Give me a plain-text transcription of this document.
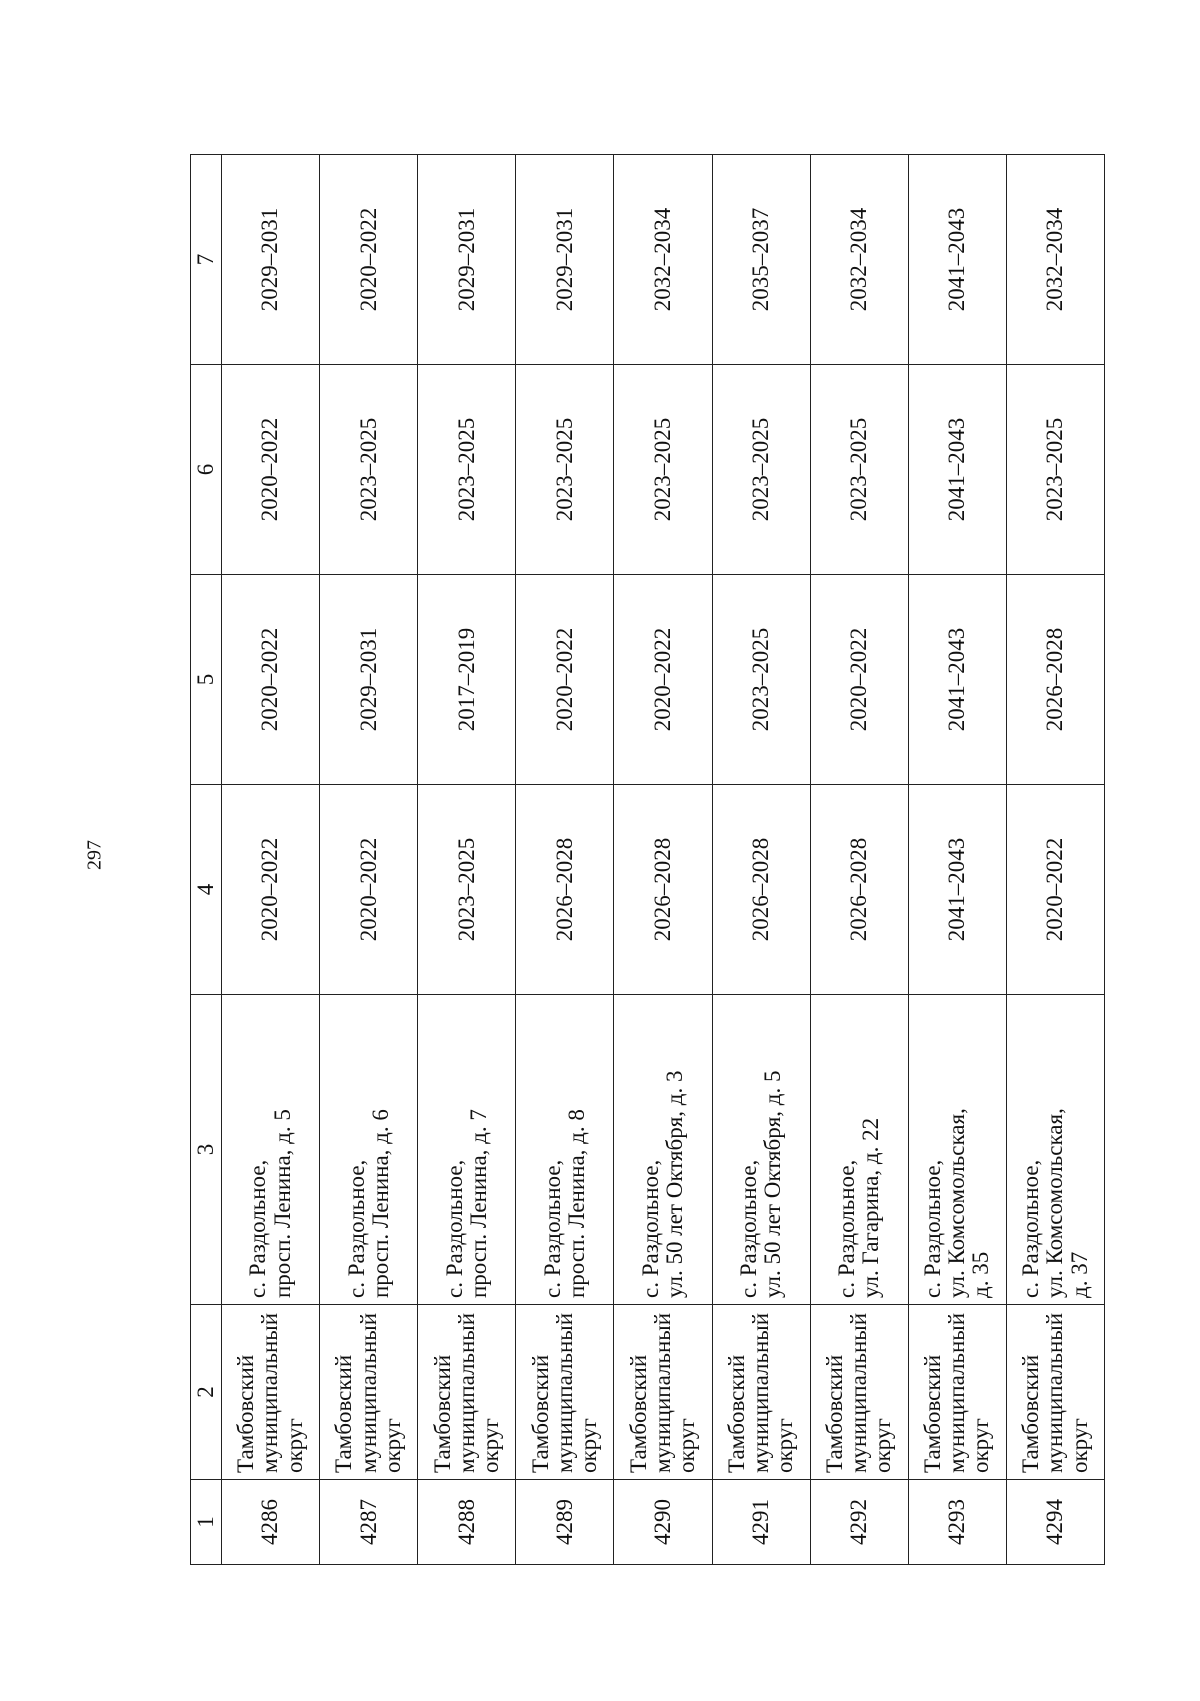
297
1	2	3	4	5	6	7
4286	Тамбовский муниципальный округ	с. Раздольное, просп. Ленина, д. 5	2020–2022	2020–2022	2020–2022	2029–2031
4287	Тамбовский муниципальный округ	с. Раздольное, просп. Ленина, д. 6	2020–2022	2029–2031	2023–2025	2020–2022
4288	Тамбовский муниципальный округ	с. Раздольное, просп. Ленина, д. 7	2023–2025	2017–2019	2023–2025	2029–2031
4289	Тамбовский муниципальный округ	с. Раздольное, просп. Ленина, д. 8	2026–2028	2020–2022	2023–2025	2029–2031
4290	Тамбовский муниципальный округ	с. Раздольное, ул. 50 лет Октября, д. 3	2026–2028	2020–2022	2023–2025	2032–2034
4291	Тамбовский муниципальный округ	с. Раздольное, ул. 50 лет Октября, д. 5	2026–2028	2023–2025	2023–2025	2035–2037
4292	Тамбовский муниципальный округ	с. Раздольное, ул. Гагарина, д. 22	2026–2028	2020–2022	2023–2025	2032–2034
4293	Тамбовский муниципальный округ	с. Раздольное, ул. Комсомольская, д. 35	2041–2043	2041–2043	2041–2043	2041–2043
4294	Тамбовский муниципальный округ	с. Раздольное, ул. Комсомольская, д. 37	2020–2022	2026–2028	2023–2025	2032–2034
